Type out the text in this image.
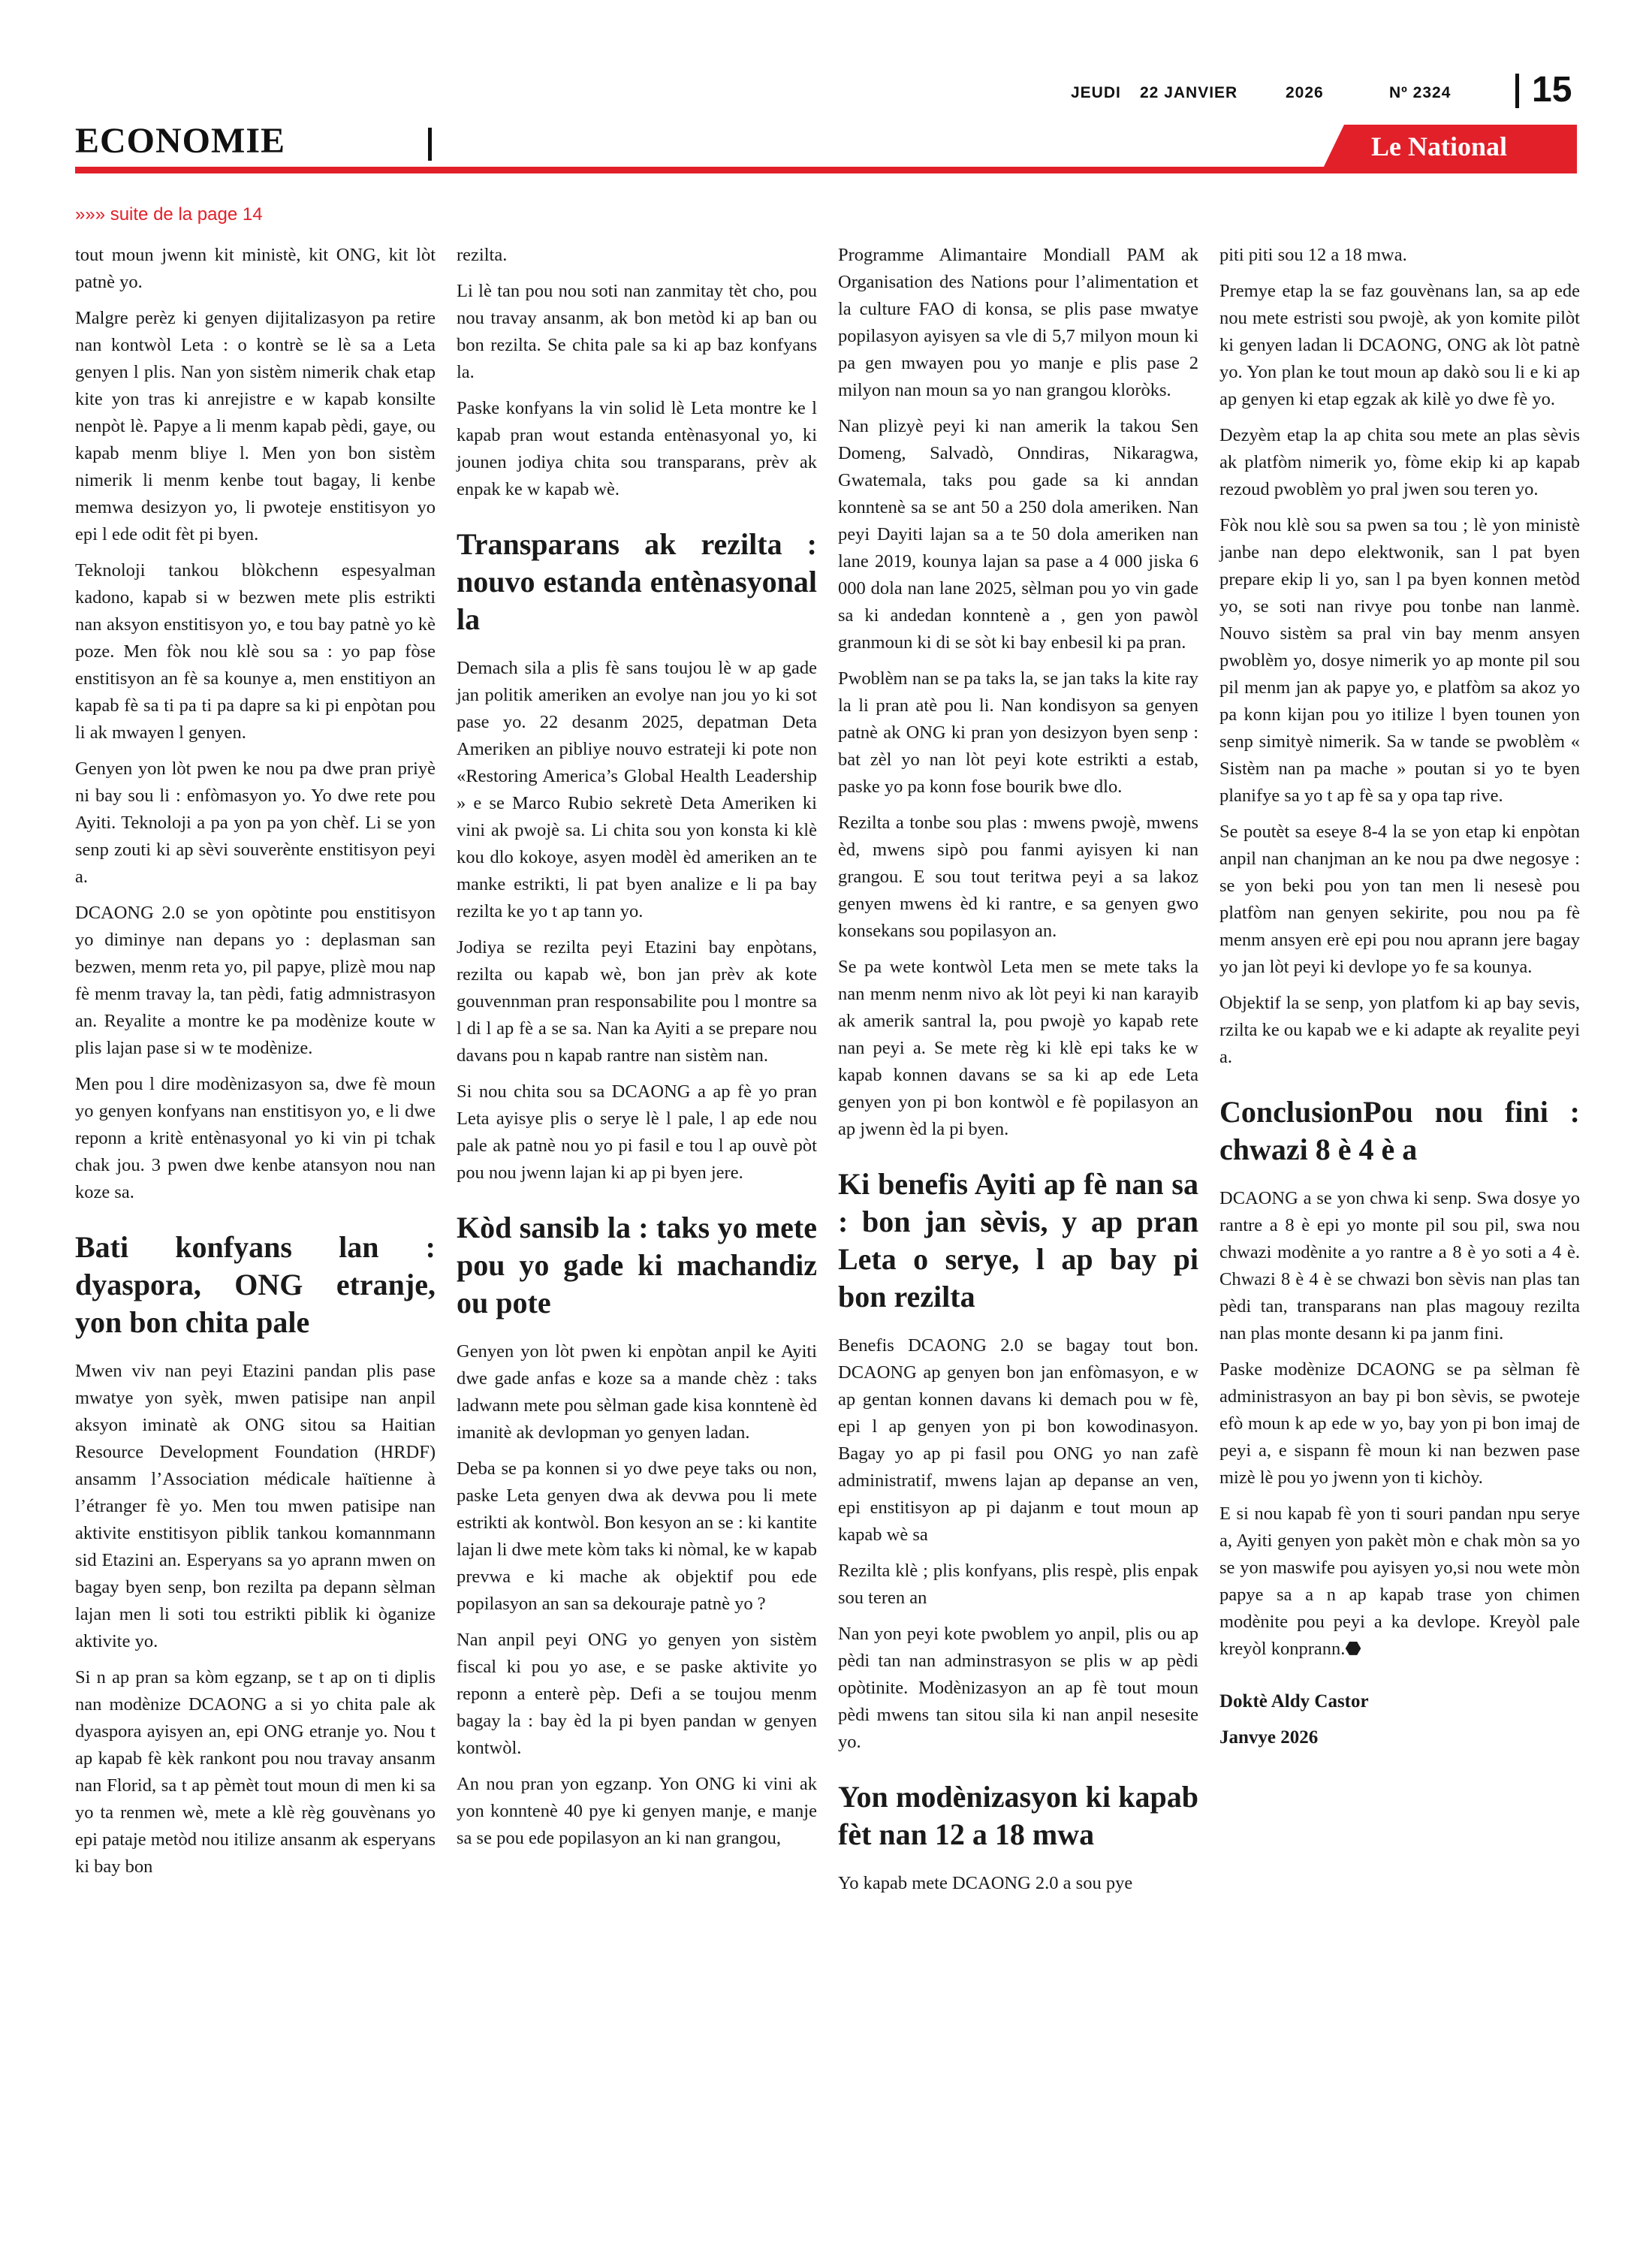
JEUDI 22 JANVIER	2026	Nº 2324 15
ECONOMIE	Le National
»»» suite de la page 14

tout moun jwenn kit ministè, kit ONG, kit lòt patnè yo.

Malgre perèz ki genyen dijitalizasyon pa retire nan kontwòl Leta : o kontrè se lè sa a Leta genyen l plis. Nan yon sistèm nimerik chak etap kite yon tras ki anrejistre e w kapab konsilte nenpòt lè. Papye a li menm kapab pèdi, gaye, ou kapab menm bliye l. Men yon bon sistèm nimerik li menm kenbe tout bagay, li kenbe memwa desizyon yo, li pwoteje enstitisyon yo epi l ede odit fèt pi byen.

Teknoloji tankou blòkchenn espesyalman kadono, kapab si w bezwen mete plis estrikti nan aksyon enstitisyon yo, e tou bay patnè yo kè poze. Men fòk nou klè sou sa : yo pap fòse enstitisyon an fè sa kounye a, men enstitiyon an kapab fè sa ti pa ti pa dapre sa ki pi enpòtan pou li ak mwayen l genyen.

Genyen yon lòt pwen ke nou pa dwe pran priyè ni bay sou li : enfòmasyon yo. Yo dwe rete pou Ayiti. Teknoloji a pa yon pa yon chèf. Li se yon senp zouti ki ap sèvi souverènte enstitisyon peyi a.

DCAONG 2.0 se yon opòtinte pou enstitisyon yo diminye nan depans yo : deplasman san bezwen, menm reta yo, pil papye, plizè mou nap fè menm travay la, tan pèdi, fatig admnistrasyon an. Reyalite a montre ke pa modènize koute w plis lajan pase si w te modènize.

Men pou l dire modènizasyon sa, dwe fè moun yo genyen konfyans nan enstitisyon yo, e li dwe reponn a kritè entènasyonal yo ki vin pi tchak chak jou. 3 pwen dwe kenbe atansyon nou nan koze sa.

Bati konfyans lan : dyaspora, ONG etranje, yon bon chita pale

Mwen viv nan peyi Etazini pandan plis pase mwatye yon syèk, mwen patisipe nan anpil aksyon iminatè ak ONG sitou sa Haitian Resource Development Foundation (HRDF) ansamm l’Association médicale haïtienne à l’étranger fè yo. Men tou mwen patisipe nan aktivite enstitisyon piblik tankou komannmann sid Etazini an. Esperyans sa yo aprann mwen on bagay byen senp, bon rezilta pa depann sèlman lajan men li soti tou estrikti piblik ki òganize aktivite yo.

Si n ap pran sa kòm egzanp, se t ap on ti diplis nan modènize DCAONG a si yo chita pale ak dyaspora ayisyen an, epi ONG etranje yo. Nou t ap kapab fè kèk rankont pou nou travay ansanm nan Florid, sa t ap pèmèt tout moun di men ki sa yo ta renmen wè, mete a klè règ gouvènans yo epi pataje metòd nou itilize ansanm ak esperyans ki bay bon

rezilta.

Li lè tan pou nou soti nan zanmitay tèt cho, pou nou travay ansanm, ak bon metòd ki ap ban ou bon rezilta. Se chita pale sa ki ap baz konfyans la.

Paske konfyans la vin solid lè Leta montre ke l kapab pran wout estanda entènasyonal yo, ki jounen jodiya chita sou transparans, prèv ak enpak ke w kapab wè.

Transparans ak rezilta : nouvo estanda entènasyonal la

Demach sila a plis fè sans toujou lè w ap gade jan politik ameriken an evolye nan jou yo ki sot pase yo. 22 desanm 2025, depatman Deta Ameriken an pibliye nouvo estrateji ki pote non «Restoring America’s Global Health Leadership » e se Marco Rubio sekretè Deta Ameriken ki vini ak pwojè sa. Li chita sou yon konsta ki klè kou dlo kokoye, asyen modèl èd ameriken an te manke estrikti, li pat byen analize e li pa bay rezilta ke yo t ap tann yo.

Jodiya se rezilta peyi Etazini bay enpòtans, rezilta ou kapab wè, bon jan prèv ak kote gouvennman pran responsabilite pou l montre sa l di l ap fè a se sa. Nan ka Ayiti a se prepare nou davans pou n kapab rantre nan sistèm nan.

Si nou chita sou sa DCAONG a ap fè yo pran Leta ayisye plis o serye lè l pale, l ap ede nou pale ak patnè nou yo pi fasil e tou l ap ouvè pòt pou nou jwenn lajan ki ap pi byen jere.

Kòd sansib la : taks yo mete pou yo gade ki machandiz ou pote

Genyen yon lòt pwen ki enpòtan anpil ke Ayiti dwe gade anfas e koze sa a mande chèz : taks ladwann mete pou sèlman gade kisa konntenè èd imanitè ak devlopman yo genyen ladan.

Deba se pa konnen si yo dwe peye taks ou non, paske Leta genyen dwa ak devwa pou li mete estrikti ak kontwòl. Bon kesyon an se : ki kantite lajan li dwe mete kòm taks ki nòmal, ke w kapab prevwa e ki mache ak objektif pou ede popilasyon an san sa dekouraje patnè yo ?

Nan anpil peyi ONG yo genyen yon sistèm fiscal ki pou yo ase, e se paske aktivite yo reponn a enterè pèp. Defi a se toujou menm bagay la : bay èd la pi byen pandan w genyen kontwòl.

An nou pran yon egzanp. Yon ONG ki vini ak yon konntenè 40 pye ki genyen manje, e manje sa se pou ede popilasyon an ki nan grangou,

Programme Alimantaire Mondiall PAM ak Organisation des Nations pour l’alimentation et la culture FAO di konsa, se plis pase mwatye popilasyon ayisyen sa vle di 5,7 milyon moun ki pa gen mwayen pou yo manje e plis pase 2 milyon nan moun sa yo nan grangou kloròks.

Nan plizyè peyi ki nan amerik la takou Sen Domeng, Salvadò, Onndiras, Nikaragwa, Gwatemala, taks pou gade sa ki anndan konntenè sa se ant 50 a 250 dola ameriken. Nan peyi Dayiti lajan sa a te 50 dola ameriken nan lane 2019, kounya lajan sa pase a 4 000 jiska 6 000 dola nan lane 2025, sèlman pou yo vin gade sa ki andedan konntenè a , gen yon pawòl granmoun ki di se sòt ki bay enbesil ki pa pran.

Pwoblèm nan se pa taks la, se jan taks la kite ray la li pran atè pou li. Nan kondisyon sa genyen patnè ak ONG ki pran yon desizyon byen senp : bat zèl yo nan lòt peyi kote estrikti a estab, paske yo pa konn fose bourik bwe dlo.

Rezilta a tonbe sou plas : mwens pwojè, mwens èd, mwens sipò pou fanmi ayisyen ki nan grangou. E sou tout teritwa peyi a sa lakoz genyen mwens èd ki rantre, e sa genyen gwo konsekans sou popilasyon an.

Se pa wete kontwòl Leta men se mete taks la nan menm nenm nivo ak lòt peyi ki nan karayib ak amerik santral la, pou pwojè yo kapab rete nan peyi a. Se mete règ ki klè epi taks ke w kapab konnen davans se sa ki ap ede Leta genyen yon pi bon kontwòl e fè popilasyon an ap jwenn èd la pi byen.

Ki benefis Ayiti ap fè nan sa : bon jan sèvis, y ap pran Leta o serye, l ap bay pi bon rezilta

Benefis DCAONG 2.0 se bagay tout bon. DCAONG ap genyen bon jan enfòmasyon, e w ap gentan konnen davans ki demach pou w fè, epi l ap genyen yon pi bon kowodinasyon. Bagay yo ap pi fasil pou ONG yo nan zafè administratif, mwens lajan ap depanse an ven, epi enstitisyon ap pi dajanm e tout moun ap kapab wè sa

Rezilta klè ; plis konfyans, plis respè, plis enpak sou teren an

Nan yon peyi kote pwoblem yo anpil, plis ou ap pèdi tan nan adminstrasyon se plis w ap pèdi opòtinite. Modènizasyon an ap fè tout moun pèdi mwens tan sitou sila ki nan anpil nesesite yo.

Yon modènizasyon ki kapab fèt nan 12 a 18 mwa

Yo kapab mete DCAONG 2.0 a sou pye

piti piti sou 12 a 18 mwa.

Premye etap la se faz gouvènans lan, sa ap ede nou mete estristi sou pwojè, ak yon komite pilòt ki genyen ladan li DCAONG, ONG ak lòt patnè yo. Yon plan ke tout moun ap dakò sou li e ki ap ap genyen ki etap egzak ak kilè yo dwe fè yo.

Dezyèm etap la ap chita sou mete an plas sèvis ak platfòm nimerik yo, fòme ekip ki ap kapab rezoud pwoblèm yo pral jwen sou teren yo.

Fòk nou klè sou sa pwen sa tou ; lè yon ministè janbe nan depo elektwonik, san l pat byen prepare ekip li yo, san l pa byen konnen metòd yo, se soti nan rivye pou tonbe nan lanmè. Nouvo sistèm sa pral vin bay menm ansyen pwoblèm yo, dosye nimerik yo ap monte pil sou pil menm jan ak papye yo, e platfòm sa akoz yo pa konn kijan pou yo itilize l byen tounen yon senp simityè nimerik. Sa w tande se pwoblèm « Sistèm nan pa mache » poutan si yo te byen planifye sa yo t ap fè sa y opa tap rive.

Se poutèt sa eseye 8-4 la se yon etap ki enpòtan anpil nan chanjman an ke nou pa dwe negosye : se yon beki pou yon tan men li nesesè pou platfòm nan genyen sekirite, pou nou pa fè menm ansyen erè epi pou nou aprann jere bagay yo jan lòt peyi ki devlope yo fe sa kounya.

Objektif la se senp, yon platfom ki ap bay sevis, rzilta ke ou kapab we e ki adapte ak reyalite peyi a.

ConclusionPou nou fini : chwazi 8 è 4 è a

DCAONG a se yon chwa ki senp. Swa dosye yo rantre a 8 è epi yo monte pil sou pil, swa nou chwazi modènite a yo rantre a 8 è yo soti a 4 è. Chwazi 8 è 4 è se chwazi bon sèvis nan plas tan pèdi tan, transparans nan plas magouy rezilta nan plas monte desann ki pa janm fini.

Paske modènize DCAONG se pa sèlman fè administrasyon an bay pi bon sèvis, se pwoteje efò moun k ap ede w yo, bay yon pi bon imaj de peyi a, e sispann fè moun ki nan bezwen pase mizè lè pou yo jwenn yon ti kichòy.

E si nou kapab fè yon ti souri pandan npu serye a, Ayiti genyen yon pakèt mòn e chak mòn sa yo se yon maswife pou ayisyen yo,si nou wete mòn papye sa a n ap kapab trase yon chimen modènite pou peyi a ka devlope. Kreyòl pale kreyòl konprann.⬣

Doktè Aldy Castor
Janvye 2026
